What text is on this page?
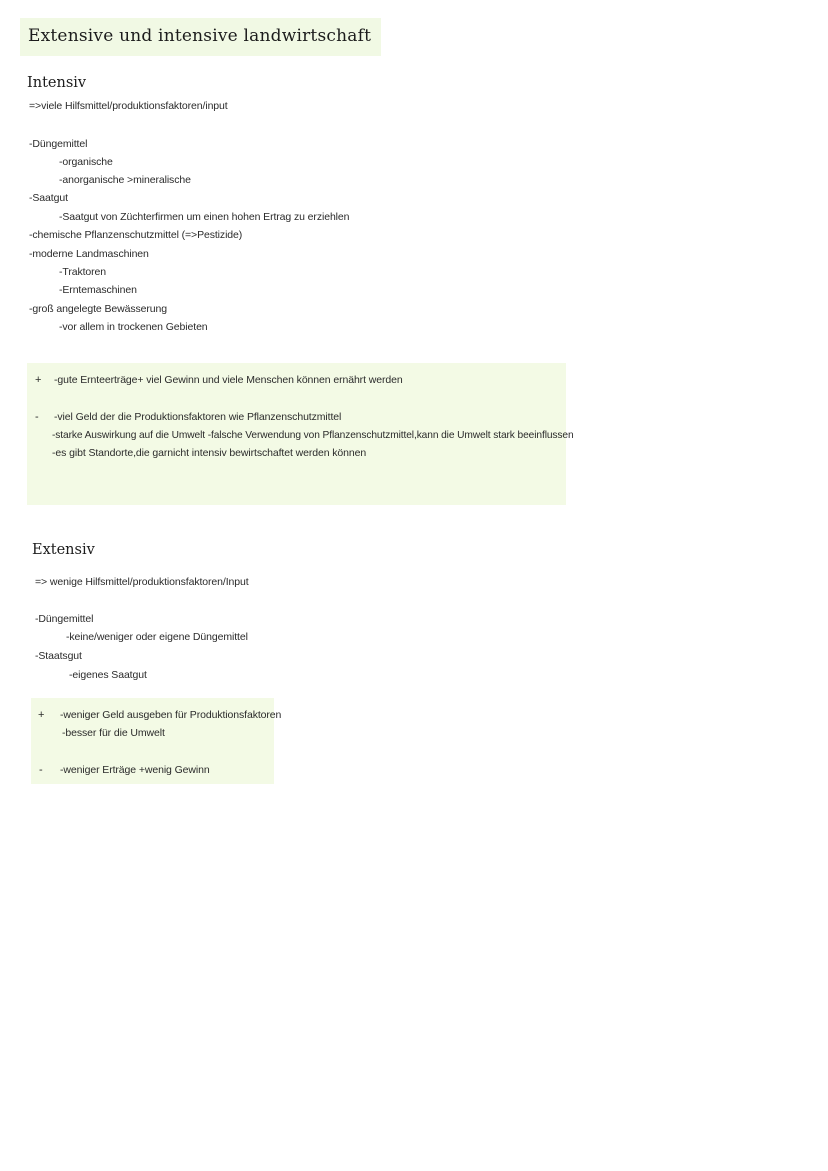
Extensive und intensive landwirtschaft
Intensiv
=>viele Hilfsmittel/produktionsfaktoren/input
-Düngemittel
-organische
-anorganische >mineralische
-Saatgut
-Saatgut von Züchterfirmen um einen hohen Ertrag zu erziehlen
-chemische Pflanzenschutzmittel (=>Pestizide)
-moderne Landmaschinen
-Traktoren
-Erntemaschinen
-groß angelegte Bewässerung
-vor allem in trockenen Gebieten
+ -gute Ernteerträge+ viel Gewinn und viele Menschen können ernährt werden
- -viel Geld der die Produktionsfaktoren wie Pflanzenschutzmittel
-starke Auswirkung auf die Umwelt -falsche Verwendung von Pflanzenschutzmittel,kann die Umwelt stark beeinflussen
-es gibt Standorte,die garnicht intensiv bewirtschaftet werden können
Extensiv
=> wenige Hilfsmittel/produktionsfaktoren/Input
-Düngemittel
-keine/weniger oder eigene Düngemittel
-Staatsgut
-eigenes Saatgut
+ -weniger Geld ausgeben für Produktionsfaktoren
-besser für die Umwelt
- -weniger Erträge +wenig Gewinn
